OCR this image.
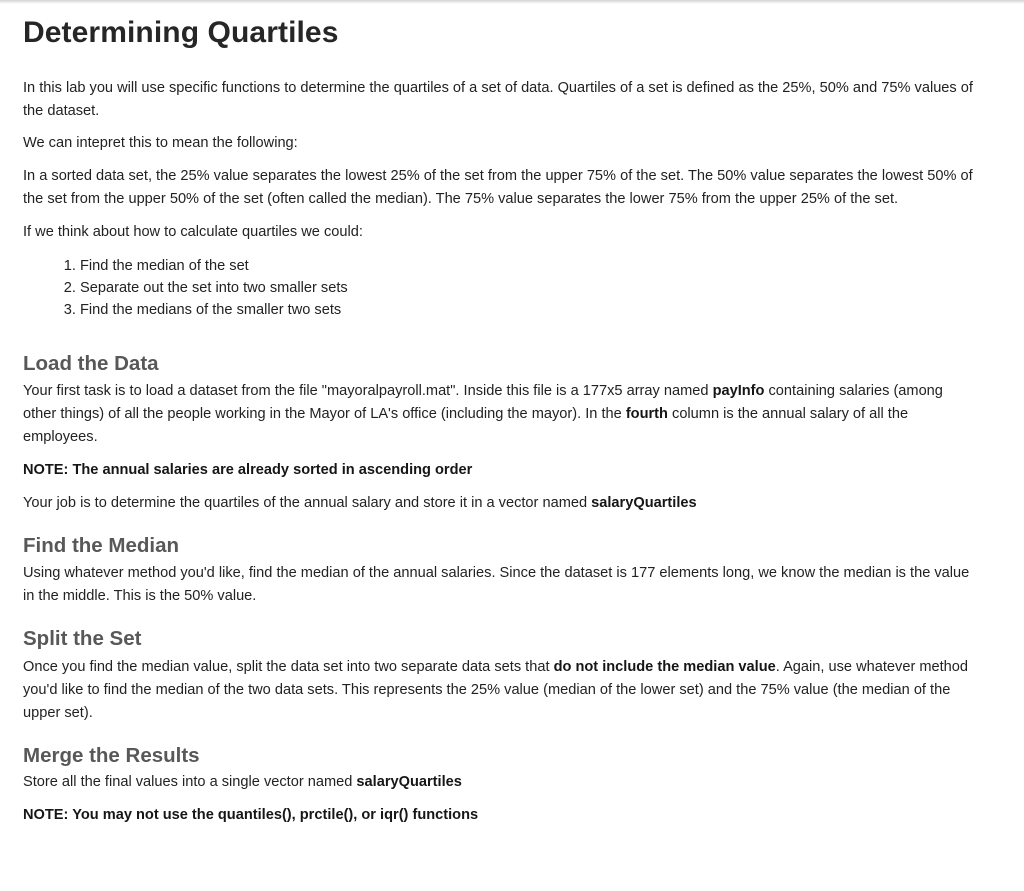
Determining Quartiles

In this lab you will use specific functions to determine the quartiles of a set of data. Quartiles of a set is defined as the 25%, 50% and 75% values of the dataset.

We can intepret this to mean the following:

In a sorted data set, the 25% value separates the lowest 25% of the set from the upper 75% of the set. The 50% value separates the lowest 50% of the set from the upper 50% of the set (often called the median). The 75% value separates the lower 75% from the upper 25% of the set.

If we think about how to calculate quartiles we could:

1. Find the median of the set
2. Separate out the set into two smaller sets
3. Find the medians of the smaller two sets
Load the Data

Your first task is to load a dataset from the file "mayoralpayroll.mat". Inside this file is a 177x5 array named payInfo containing salaries (among other things) of all the people working in the Mayor of LA's office (including the mayor). In the fourth column is the annual salary of all the employees.

NOTE: The annual salaries are already sorted in ascending order

Your job is to determine the quartiles of the annual salary and store it in a vector named salaryQuartiles

Find the Median

Using whatever method you'd like, find the median of the annual salaries. Since the dataset is 177 elements long, we know the median is the value in the middle. This is the 50% value.

Split the Set

Once you find the median value, split the data set into two separate data sets that do not include the median value. Again, use whatever method you'd like to find the median of the two data sets. This represents the 25% value (median of the lower set) and the 75% value (the median of the upper set).

Merge the Results

Store all the final values into a single vector named salaryQuartiles

NOTE: You may not use the quantiles(), prctile(), or iqr() functions
